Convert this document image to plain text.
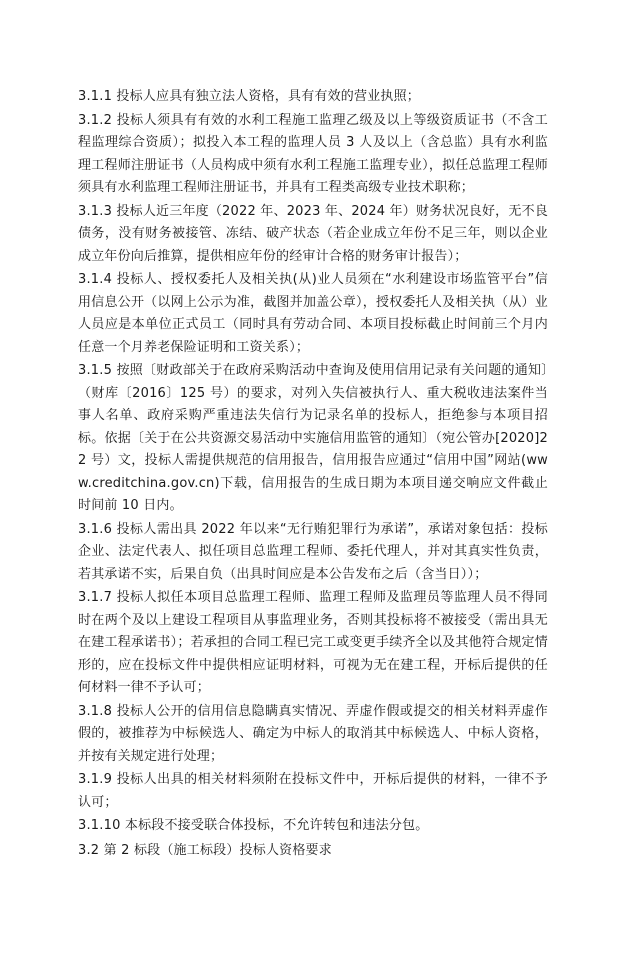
3.1.1 投标人应具有独立法人资格，具有有效的营业执照；

3.1.2 投标人须具有有效的水利工程施工监理乙级及以上等级资质证书（不含工程监理综合资质）；拟投入本工程的监理人员 3 人及以上（含总监）具有水利监理工程师注册证书（人员构成中须有水利工程施工监理专业），拟任总监理工程师须具有水利监理工程师注册证书，并具有工程类高级专业技术职称；

3.1.3 投标人近三年度（2022 年、2023 年、2024 年）财务状况良好，无不良债务，没有财务被接管、冻结、破产状态（若企业成立年份不足三年，则以企业成立年份向后推算，提供相应年份的经审计合格的财务审计报告）；

3.1.4 投标人、授权委托人及相关执(从)业人员须在“水利建设市场监管平台”信用信息公开（以网上公示为准，截图并加盖公章），授权委托人及相关执（从）业人员应是本单位正式员工（同时具有劳动合同、本项目投标截止时间前三个月内任意一个月养老保险证明和工资关系）；

3.1.5 按照〔财政部关于在政府采购活动中查询及使用信用记录有关问题的通知〕（财库〔2016〕125 号）的要求，对列入失信被执行人、重大税收违法案件当事人名单、政府采购严重违法失信行为记录名单的投标人，拒绝参与本项目招标。依据〔关于在公共资源交易活动中实施信用监管的通知〕（宛公管办[2020]22 号）文，投标人需提供规范的信用报告，信用报告应通过“信用中国”网站(www.creditchina.gov.cn)下载，信用报告的生成日期为本项目递交响应文件截止时间前 10 日内。

3.1.6 投标人需出具 2022 年以来“无行贿犯罪行为承诺”，承诺对象包括：投标企业、法定代表人、拟任项目总监理工程师、委托代理人，并对其真实性负责，若其承诺不实，后果自负（出具时间应是本公告发布之后（含当日））；

3.1.7 投标人拟任本项目总监理工程师、监理工程师及监理员等监理人员不得同时在两个及以上建设工程项目从事监理业务，否则其投标将不被接受（需出具无在建工程承诺书）；若承担的合同工程已完工或变更手续齐全以及其他符合规定情形的，应在投标文件中提供相应证明材料，可视为无在建工程，开标后提供的任何材料一律不予认可；

3.1.8 投标人公开的信用信息隐瞒真实情况、弄虚作假或提交的相关材料弄虚作假的，被推荐为中标候选人、确定为中标人的取消其中标候选人、中标人资格，并按有关规定进行处理；

3.1.9 投标人出具的相关材料须附在投标文件中，开标后提供的材料，一律不予认可；

3.1.10 本标段不接受联合体投标，不允许转包和违法分包。

3.2 第 2 标段（施工标段）投标人资格要求
